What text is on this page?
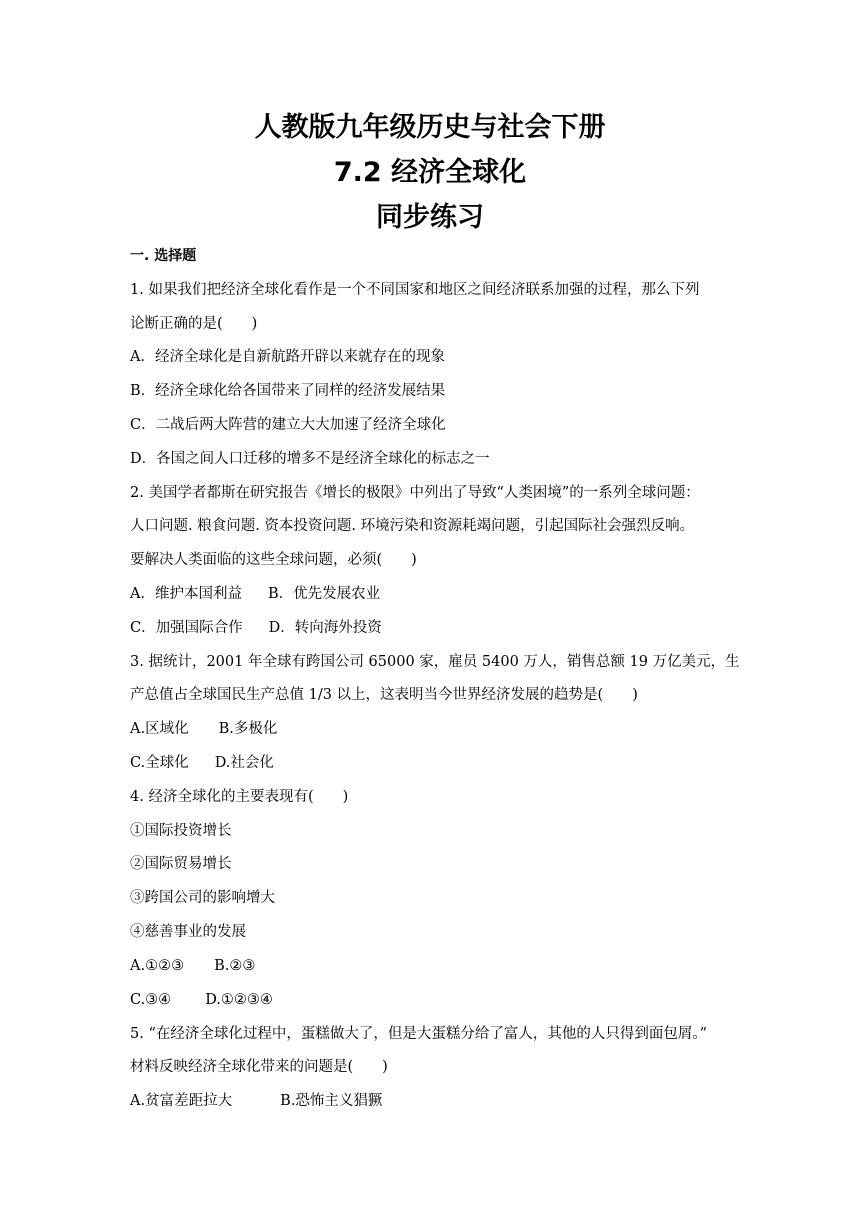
人教版九年级历史与社会下册
7.2 经济全球化
同步练习
一. 选择题
1. 如果我们把经济全球化看作是一个不同国家和地区之间经济联系加强的过程，那么下列
论断正确的是(　　)
A．经济全球化是自新航路开辟以来就存在的现象
B．经济全球化给各国带来了同样的经济发展结果
C．二战后两大阵营的建立大大加速了经济全球化
D．各国之间人口迁移的增多不是经济全球化的标志之一
2. 美国学者都斯在研究报告《增长的极限》中列出了导致“人类困境”的一系列全球问题：
人口问题. 粮食问题. 资本投资问题. 环境污染和资源耗竭问题，引起国际社会强烈反响。
要解决人类面临的这些全球问题，必须(　　)
A．维护本国利益 B．优先发展农业
C．加强国际合作 D．转向海外投资
3. 据统计，2001 年全球有跨国公司 65000 家，雇员 5400 万人，销售总额 19 万亿美元，生
产总值占全球国民生产总值 1/3 以上，这表明当今世界经济发展的趋势是(　　)
A.区域化 B.多极化
C.全球化 D.社会化
4. 经济全球化的主要表现有(　　)
①国际投资增长
②国际贸易增长
③跨国公司的影响增大
④慈善事业的发展
A.①②③ B.②③
C.③④ D.①②③④
5. “在经济全球化过程中，蛋糕做大了，但是大蛋糕分给了富人，其他的人只得到面包屑。”
材料反映经济全球化带来的问题是(　　)
A.贫富差距拉大	B.恐怖主义猖獗
